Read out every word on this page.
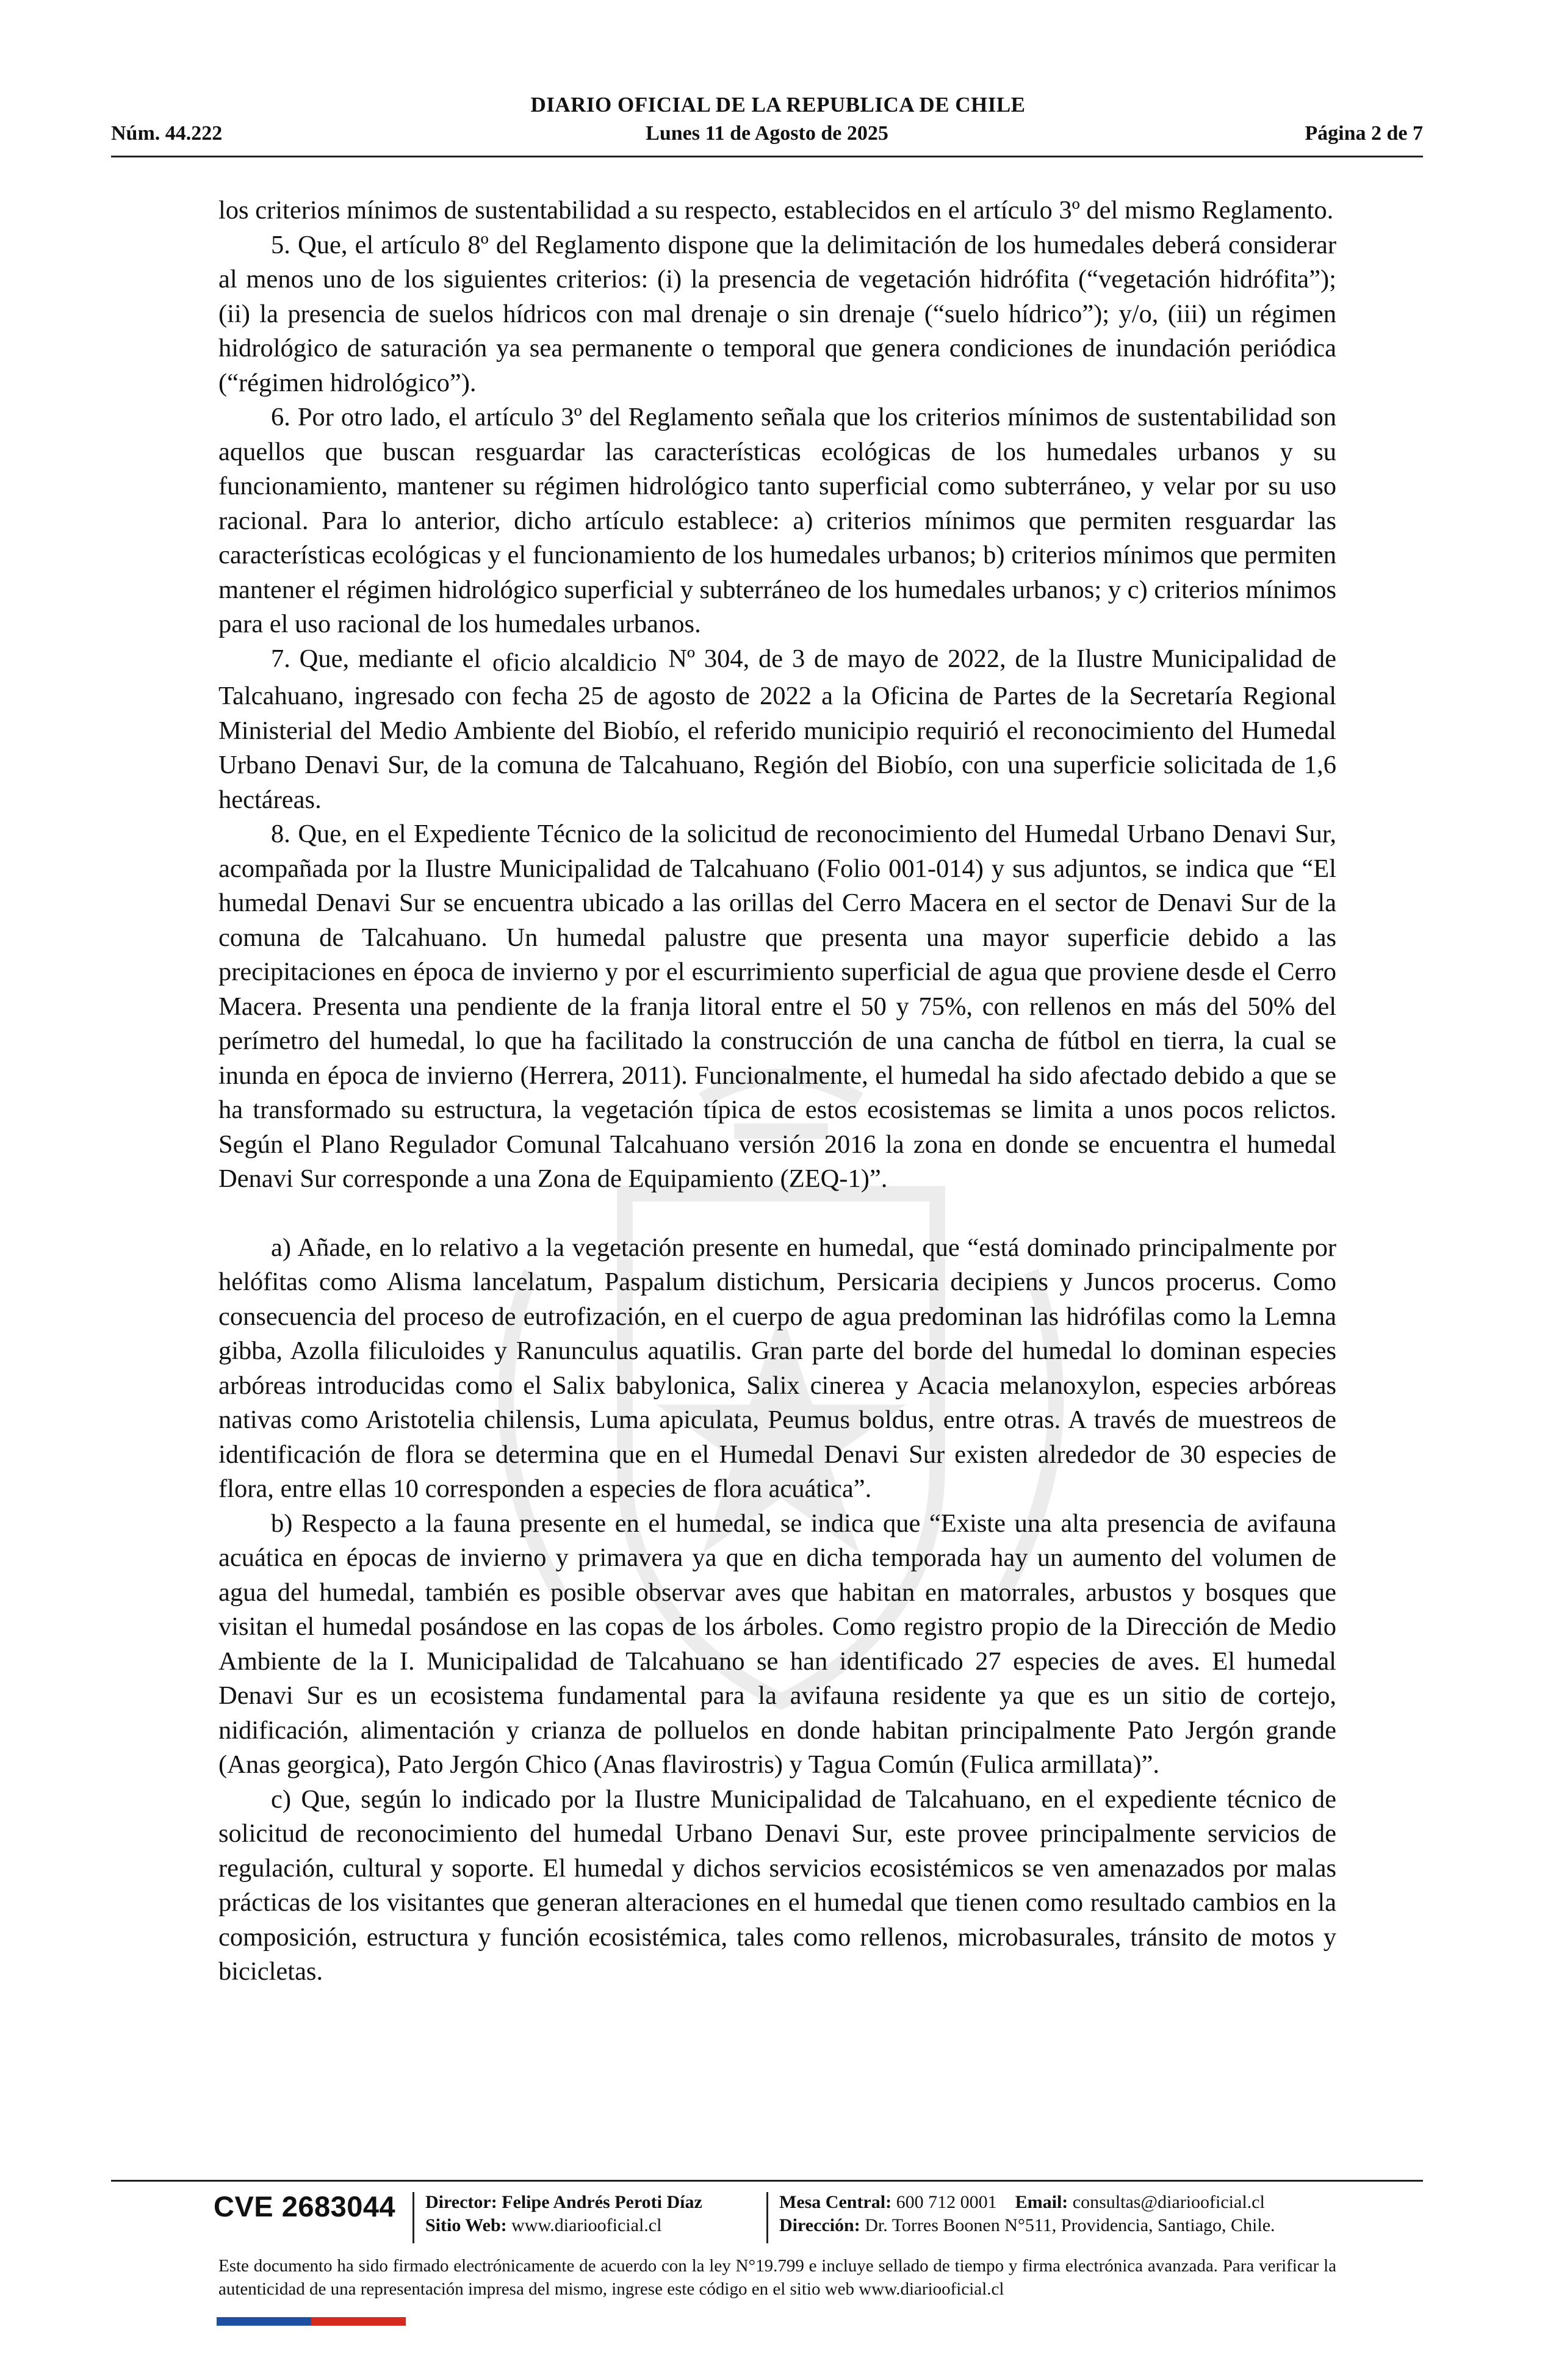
DIARIO OFICIAL DE LA REPUBLICA DE CHILE
Núm. 44.222	Lunes 11 de Agosto de 2025	Página 2 de 7

los criterios mínimos de sustentabilidad a su respecto, establecidos en el artículo 3º del mismo Reglamento.

5. Que, el artículo 8º del Reglamento dispone que la delimitación de los humedales deberá considerar al menos uno de los siguientes criterios: (i) la presencia de vegetación hidrófita (“vegetación hidrófita”); (ii) la presencia de suelos hídricos con mal drenaje o sin drenaje (“suelo hídrico”); y/o, (iii) un régimen hidrológico de saturación ya sea permanente o temporal que genera condiciones de inundación periódica (“régimen hidrológico”).

6. Por otro lado, el artículo 3º del Reglamento señala que los criterios mínimos de sustentabilidad son aquellos que buscan resguardar las características ecológicas de los humedales urbanos y su funcionamiento, mantener su régimen hidrológico tanto superficial como subterráneo, y velar por su uso racional. Para lo anterior, dicho artículo establece: a) criterios mínimos que permiten resguardar las características ecológicas y el funcionamiento de los humedales urbanos; b) criterios mínimos que permiten mantener el régimen hidrológico superficial y subterráneo de los humedales urbanos; y c) criterios mínimos para el uso racional de los humedales urbanos.

7. Que, mediante el oficio alcaldicio Nº 304, de 3 de mayo de 2022, de la Ilustre Municipalidad de Talcahuano, ingresado con fecha 25 de agosto de 2022 a la Oficina de Partes de la Secretaría Regional Ministerial del Medio Ambiente del Biobío, el referido municipio requirió el reconocimiento del Humedal Urbano Denavi Sur, de la comuna de Talcahuano, Región del Biobío, con una superficie solicitada de 1,6 hectáreas.

8. Que, en el Expediente Técnico de la solicitud de reconocimiento del Humedal Urbano Denavi Sur, acompañada por la Ilustre Municipalidad de Talcahuano (Folio 001-014) y sus adjuntos, se indica que “El humedal Denavi Sur se encuentra ubicado a las orillas del Cerro Macera en el sector de Denavi Sur de la comuna de Talcahuano. Un humedal palustre que presenta una mayor superficie debido a las precipitaciones en época de invierno y por el escurrimiento superficial de agua que proviene desde el Cerro Macera. Presenta una pendiente de la franja litoral entre el 50 y 75%, con rellenos en más del 50% del perímetro del humedal, lo que ha facilitado la construcción de una cancha de fútbol en tierra, la cual se inunda en época de invierno (Herrera, 2011). Funcionalmente, el humedal ha sido afectado debido a que se ha transformado su estructura, la vegetación típica de estos ecosistemas se limita a unos pocos relictos. Según el Plano Regulador Comunal Talcahuano versión 2016 la zona en donde se encuentra el humedal Denavi Sur corresponde a una Zona de Equipamiento (ZEQ-1)”.

a) Añade, en lo relativo a la vegetación presente en humedal, que “está dominado principalmente por helófitas como Alisma lancelatum, Paspalum distichum, Persicaria decipiens y Juncos procerus. Como consecuencia del proceso de eutrofización, en el cuerpo de agua predominan las hidrófilas como la Lemna gibba, Azolla filiculoides y Ranunculus aquatilis. Gran parte del borde del humedal lo dominan especies arbóreas introducidas como el Salix babylonica, Salix cinerea y Acacia melanoxylon, especies arbóreas nativas como Aristotelia chilensis, Luma apiculata, Peumus boldus, entre otras. A través de muestreos de identificación de flora se determina que en el Humedal Denavi Sur existen alrededor de 30 especies de flora, entre ellas 10 corresponden a especies de flora acuática”.

b) Respecto a la fauna presente en el humedal, se indica que “Existe una alta presencia de avifauna acuática en épocas de invierno y primavera ya que en dicha temporada hay un aumento del volumen de agua del humedal, también es posible observar aves que habitan en matorrales, arbustos y bosques que visitan el humedal posándose en las copas de los árboles. Como registro propio de la Dirección de Medio Ambiente de la I. Municipalidad de Talcahuano se han identificado 27 especies de aves. El humedal Denavi Sur es un ecosistema fundamental para la avifauna residente ya que es un sitio de cortejo, nidificación, alimentación y crianza de polluelos en donde habitan principalmente Pato Jergón grande (Anas georgica), Pato Jergón Chico (Anas flavirostris) y Tagua Común (Fulica armillata)”.

c) Que, según lo indicado por la Ilustre Municipalidad de Talcahuano, en el expediente técnico de solicitud de reconocimiento del humedal Urbano Denavi Sur, este provee principalmente servicios de regulación, cultural y soporte. El humedal y dichos servicios ecosistémicos se ven amenazados por malas prácticas de los visitantes que generan alteraciones en el humedal que tienen como resultado cambios en la composición, estructura y función ecosistémica, tales como rellenos, microbasurales, tránsito de motos y bicicletas.

CVE 2683044 Director: Felipe Andrés Peroti Díaz
Sitio Web: www.diariooficial.cl
Mesa Central: 600 712 0001 Email: consultas@diariooficial.cl
Dirección: Dr. Torres Boonen N°511, Providencia, Santiago, Chile.
Este documento ha sido firmado electrónicamente de acuerdo con la ley N°19.799 e incluye sellado de tiempo y firma electrónica avanzada. Para verificar la autenticidad de una representación impresa del mismo, ingrese este código en el sitio web www.diariooficial.cl
